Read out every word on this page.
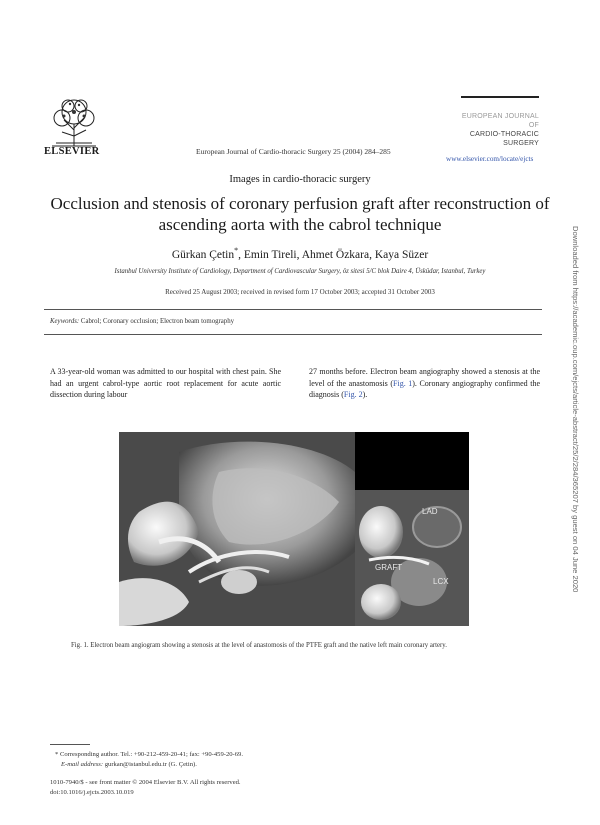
ELSEVIER	European Journal of Cardio-thoracic Surgery 25 (2004) 284–285
EUROPEAN JOURNAL OF
CARDIO-THORACIC
SURGERY
www.elsevier.com/locate/ejcts
Images in cardio-thoracic surgery
Occlusion and stenosis of coronary perfusion graft after reconstruction of ascending aorta with the cabrol technique
Gürkan Çetin*, Emin Tireli, Ahmet Özkara, Kaya Süzer
Istanbul University Institute of Cardiology, Department of Cardiovascular Surgery, öz sitesi 5/C blok Daire 4, Üsküdar, Istanbul, Turkey
Received 25 August 2003; received in revised form 17 October 2003; accepted 31 October 2003
Keywords: Cabrol; Coronary occlusion; Electron beam tomography
A 33-year-old woman was admitted to our hospital with chest pain. She had an urgent cabrol-type aortic root replacement for acute aortic dissection during labour
27 months before. Electron beam angiography showed a stenosis at the level of the anastomosis (Fig. 1). Coronary angiography confirmed the diagnosis (Fig. 2).
LAD
GRAFT
LCX
Fig. 1. Electron beam angiogram showing a stenosis at the level of anastomosis of the PTFE graft and the native left main coronary artery.
* Corresponding author. Tel.: +90-212-459-20-41; fax: +90-459-20-69.
E-mail address: gurkan@istanbul.edu.tr (G. Çetin).
1010-7940/$ - see front matter © 2004 Elsevier B.V. All rights reserved.
doi:10.1016/j.ejcts.2003.10.019
Downloaded from https://academic.oup.com/ejcts/article-abstract/25/2/284/365207 by guest on 04 June 2020
